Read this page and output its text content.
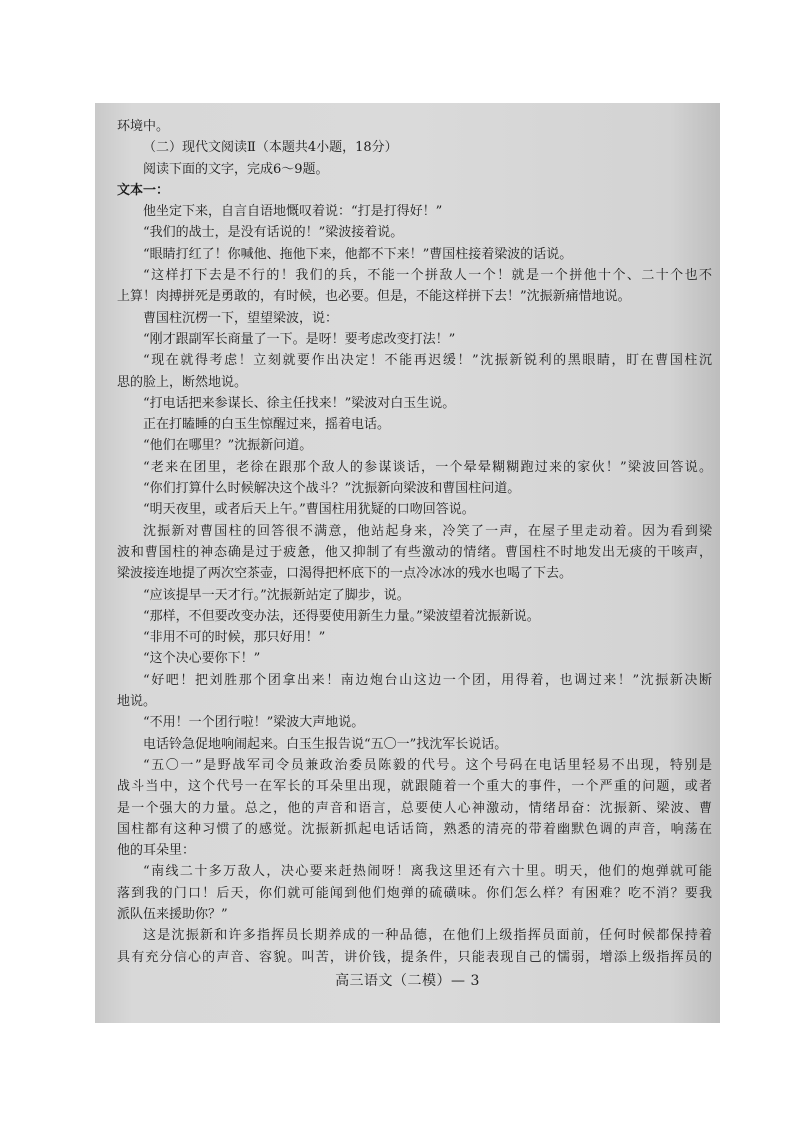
环境中。

（二）现代文阅读Ⅱ（本题共4小题，18分）

阅读下面的文字，完成6～9题。

文本一：

他坐定下来，自言自语地慨叹着说：“打是打得好！”

“我们的战士，是没有话说的！”梁波接着说。

“眼睛打红了！你喊他、拖他下来，他都不下来！”曹国柱接着梁波的话说。

“这样打下去是不行的！我们的兵，不能一个拼敌人一个！就是一个拼他十个、二十个也不

上算！肉搏拼死是勇敢的，有时候，也必要。但是，不能这样拼下去！”沈振新痛惜地说。

曹国柱沉楞一下，望望梁波，说：

“刚才跟副军长商量了一下。是呀！要考虑改变打法！”

“现在就得考虑！立刻就要作出决定！不能再迟缓！”沈振新锐利的黑眼睛，盯在曹国柱沉

思的脸上，断然地说。

“打电话把来参谋长、徐主任找来！”梁波对白玉生说。

正在打瞌睡的白玉生惊醒过来，摇着电话。

“他们在哪里？”沈振新问道。

“老来在团里，老徐在跟那个敌人的参谋谈话，一个晕晕糊糊跑过来的家伙！”梁波回答说。

“你们打算什么时候解决这个战斗？”沈振新向梁波和曹国柱问道。

“明天夜里，或者后天上午。”曹国柱用犹疑的口吻回答说。

沈振新对曹国柱的回答很不满意，他站起身来，冷笑了一声，在屋子里走动着。因为看到梁

波和曹国柱的神态确是过于疲惫，他又抑制了有些激动的情绪。曹国柱不时地发出无痰的干咳声，

梁波接连地提了两次空茶壶，口渴得把杯底下的一点冷冰冰的残水也喝了下去。

“应该提早一天才行。”沈振新站定了脚步，说。

“那样，不但要改变办法，还得要使用新生力量。”梁波望着沈振新说。

“非用不可的时候，那只好用！”

“这个决心要你下！”

“好吧！把刘胜那个团拿出来！南边炮台山这边一个团，用得着，也调过来！”沈振新决断

地说。

“不用！一个团行啦！”梁波大声地说。

电话铃急促地响闹起来。白玉生报告说“五〇一”找沈军长说话。

“五〇一”是野战军司令员兼政治委员陈毅的代号。这个号码在电话里轻易不出现，特别是

战斗当中，这个代号一在军长的耳朵里出现，就跟随着一个重大的事件，一个严重的问题，或者

是一个强大的力量。总之，他的声音和语言，总要使人心神激动，情绪昂奋：沈振新、梁波、曹

国柱都有这种习惯了的感觉。沈振新抓起电话话筒，熟悉的清亮的带着幽默色调的声音，响荡在

他的耳朵里：

“南线二十多万敌人，决心要来赶热闹呀！离我这里还有六十里。明天，他们的炮弹就可能

落到我的门口！后天，你们就可能闻到他们炮弹的硫磺味。你们怎么样？有困难？吃不消？要我

派队伍来援助你？”

这是沈振新和许多指挥员长期养成的一种品德，在他们上级指挥员面前，任何时候都保持着

具有充分信心的声音、容貌。叫苦，讲价钱，提条件，只能表现自己的懦弱，增添上级指挥员的

高三语文（二模）— 3
